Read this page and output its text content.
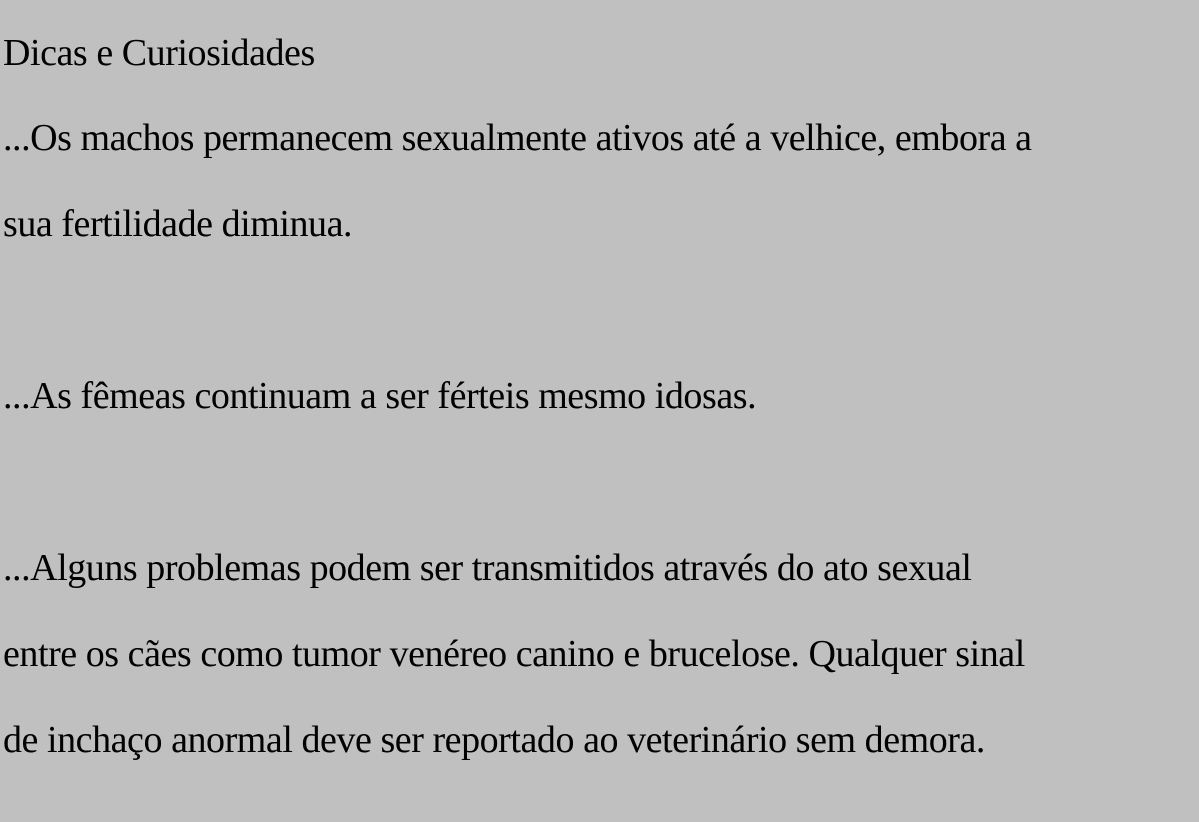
Dicas e Curiosidades
...Os machos permanecem sexualmente ativos até a velhice, embora a
sua fertilidade diminua.
...As fêmeas continuam a ser férteis mesmo idosas.
...Alguns problemas podem ser transmitidos através do ato sexual
entre os cães como tumor venéreo canino e brucelose. Qualquer sinal
de inchaço anormal deve ser reportado ao veterinário sem demora.
